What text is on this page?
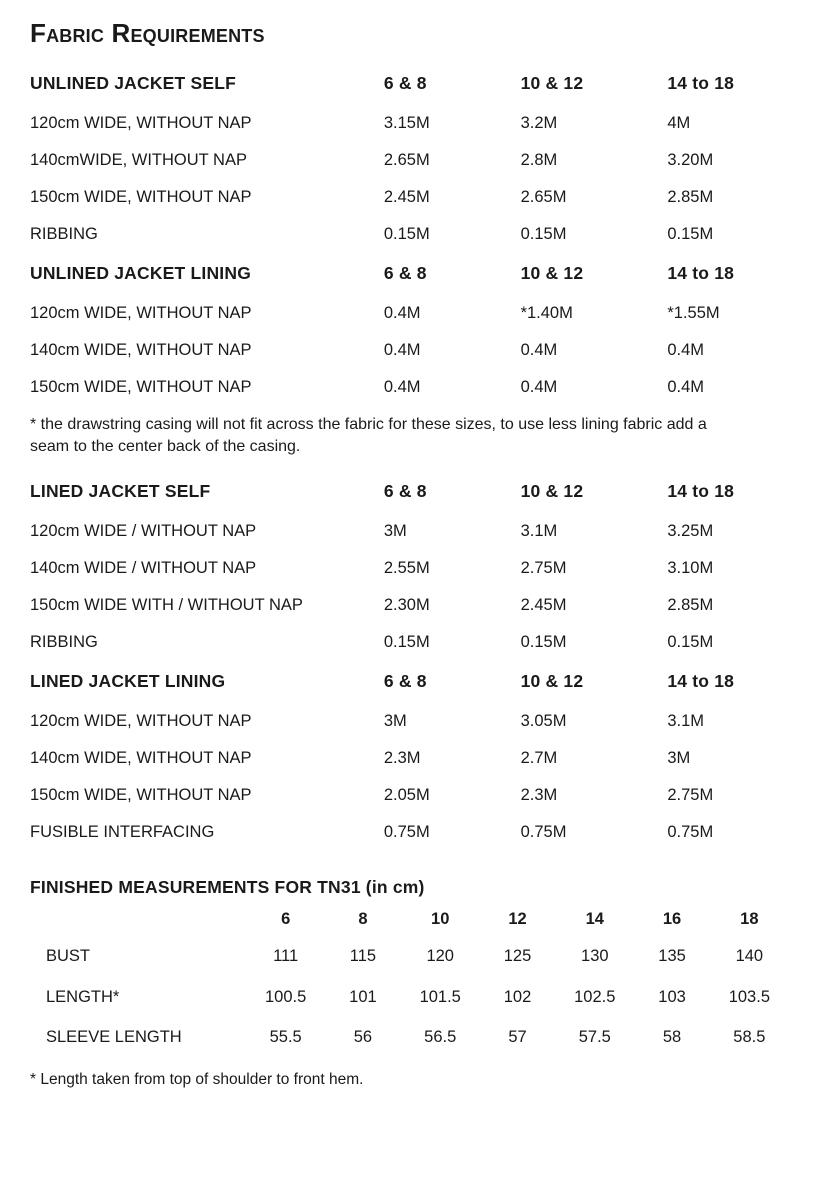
Fabric Requirements
UNLINED JACKET SELF	6 & 8	10 & 12	14 to 18
120cm WIDE, WITHOUT NAP	3.15M	3.2M	4M
140cmWIDE, WITHOUT NAP	2.65M	2.8M	3.20M
150cm WIDE, WITHOUT NAP	2.45M	2.65M	2.85M
RIBBING	0.15M	0.15M	0.15M
UNLINED JACKET LINING	6 & 8	10 & 12	14 to 18
120cm WIDE, WITHOUT NAP	0.4M	*1.40M	*1.55M
140cm WIDE, WITHOUT NAP	0.4M	0.4M	0.4M
150cm WIDE, WITHOUT NAP	0.4M	0.4M	0.4M

* the drawstring casing will not fit across the fabric for these sizes, to use less lining fabric add a seam to the center back of the casing.

LINED JACKET SELF	6 & 8	10 & 12	14 to 18
120cm WIDE / WITHOUT NAP	3M	3.1M	3.25M
140cm WIDE / WITHOUT NAP	2.55M	2.75M	3.10M
150cm WIDE WITH / WITHOUT NAP	2.30M	2.45M	2.85M
RIBBING	0.15M	0.15M	0.15M
LINED JACKET LINING	6 & 8	10 & 12	14 to 18
120cm WIDE, WITHOUT NAP	3M	3.05M	3.1M
140cm WIDE, WITHOUT NAP	2.3M	2.7M	3M
150cm WIDE, WITHOUT NAP	2.05M	2.3M	2.75M
FUSIBLE INTERFACING	0.75M	0.75M	0.75M
FINISHED MEASUREMENTS FOR TN31 (in cm)
	6	8	10	12	14	16	18
BUST	111	115	120	125	130	135	140
LENGTH*	100.5	101	101.5	102	102.5	103	103.5
SLEEVE LENGTH	55.5	56	56.5	57	57.5	58	58.5

* Length taken from top of shoulder to front hem.
